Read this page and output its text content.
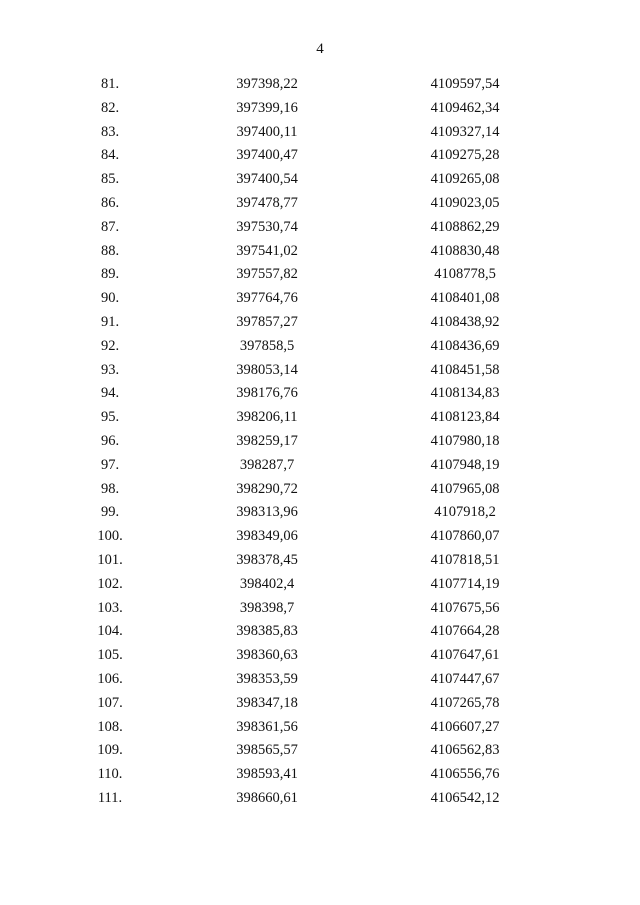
4
81.	397398,22	4109597,54
82.	397399,16	4109462,34
83.	397400,11	4109327,14
84.	397400,47	4109275,28
85.	397400,54	4109265,08
86.	397478,77	4109023,05
87.	397530,74	4108862,29
88.	397541,02	4108830,48
89.	397557,82	4108778,5
90.	397764,76	4108401,08
91.	397857,27	4108438,92
92.	397858,5	4108436,69
93.	398053,14	4108451,58
94.	398176,76	4108134,83
95.	398206,11	4108123,84
96.	398259,17	4107980,18
97.	398287,7	4107948,19
98.	398290,72	4107965,08
99.	398313,96	4107918,2
100.	398349,06	4107860,07
101.	398378,45	4107818,51
102.	398402,4	4107714,19
103.	398398,7	4107675,56
104.	398385,83	4107664,28
105.	398360,63	4107647,61
106.	398353,59	4107447,67
107.	398347,18	4107265,78
108.	398361,56	4106607,27
109.	398565,57	4106562,83
110.	398593,41	4106556,76
111.	398660,61	4106542,12
